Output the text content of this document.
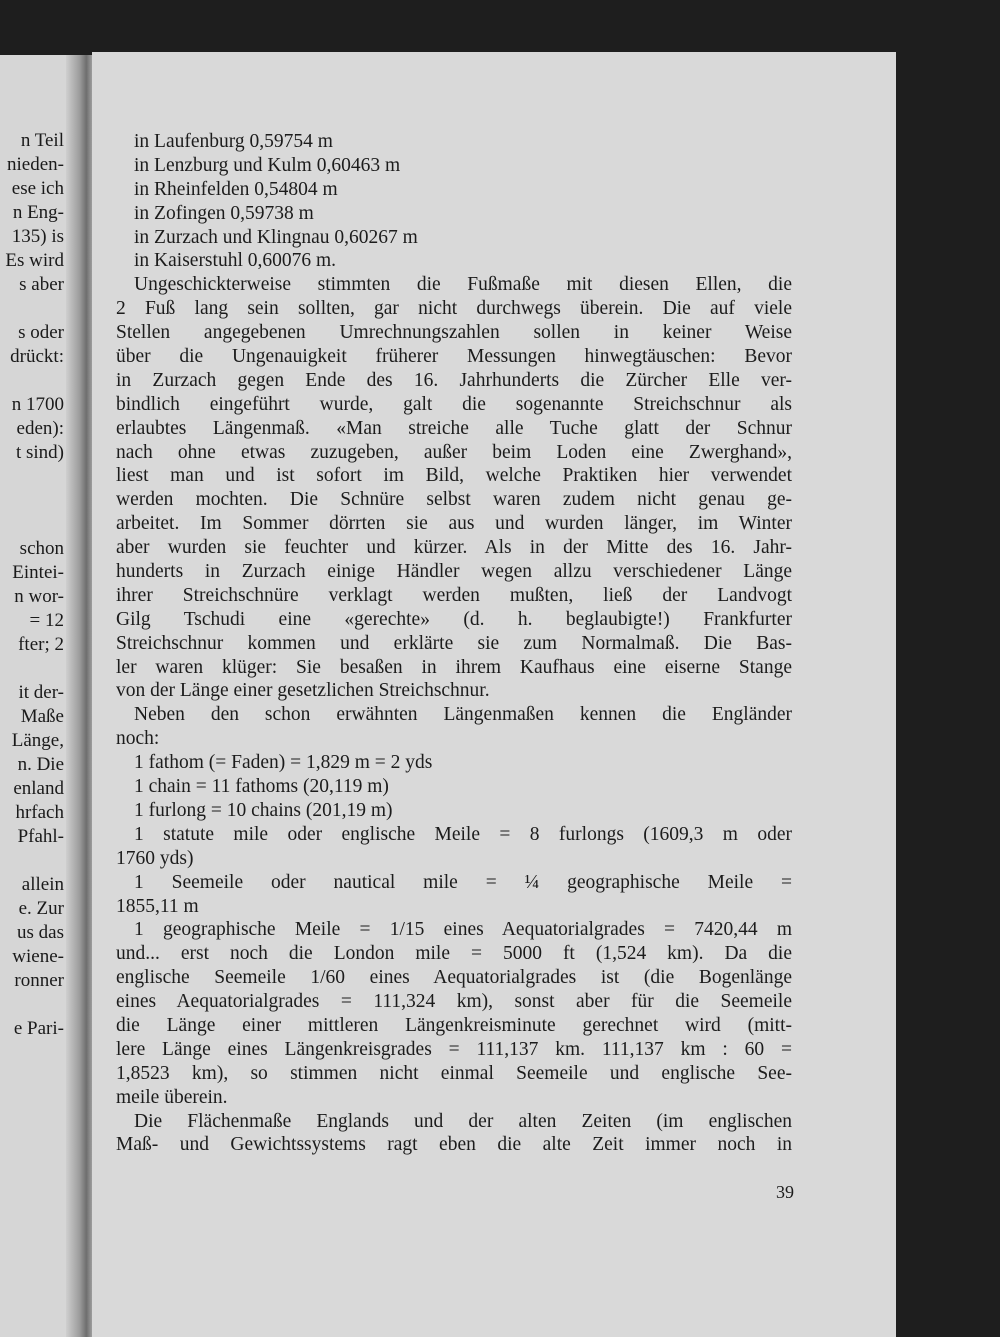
n Teil
nieden-
ese ich
n Eng-
135) is
Es wird
s aber
s oder
drückt:
n 1700
eden):
t sind)
schon
Eintei-
n wor-
= 12
fter; 2
it der-
Maße
Länge,
n. Die
enland
hrfach
Pfahl-
allein
e. Zur
us das
wiene-
ronner
e Pari-
in Laufenburg 0,59754 m
in Lenzburg und Kulm 0,60463 m
in Rheinfelden 0,54804 m
in Zofingen 0,59738 m
in Zurzach und Klingnau 0,60267 m
in Kaiserstuhl 0,60076 m.
Ungeschickterweise stimmten die Fußmaße mit diesen Ellen, die
2 Fuß lang sein sollten, gar nicht durchwegs überein. Die auf viele
Stellen angegebenen Umrechnungszahlen sollen in keiner Weise
über die Ungenauigkeit früherer Messungen hinwegtäuschen: Bevor
in Zurzach gegen Ende des 16. Jahrhunderts die Zürcher Elle ver-
bindlich eingeführt wurde, galt die sogenannte Streichschnur als
erlaubtes Längenmaß. «Man streiche alle Tuche glatt der Schnur
nach ohne etwas zuzugeben, außer beim Loden eine Zwerghand»,
liest man und ist sofort im Bild, welche Praktiken hier verwendet
werden mochten. Die Schnüre selbst waren zudem nicht genau ge-
arbeitet. Im Sommer dörrten sie aus und wurden länger, im Winter
aber wurden sie feuchter und kürzer. Als in der Mitte des 16. Jahr-
hunderts in Zurzach einige Händler wegen allzu verschiedener Länge
ihrer Streichschnüre verklagt werden mußten, ließ der Landvogt
Gilg Tschudi eine «gerechte» (d. h. beglaubigte!) Frankfurter
Streichschnur kommen und erklärte sie zum Normalmaß. Die Bas-
ler waren klüger: Sie besaßen in ihrem Kaufhaus eine eiserne Stange
von der Länge einer gesetzlichen Streichschnur.
Neben den schon erwähnten Längenmaßen kennen die Engländer
noch:
1 fathom (= Faden) = 1,829 m = 2 yds
1 chain = 11 fathoms (20,119 m)
1 furlong = 10 chains (201,19 m)
1 statute mile oder englische Meile = 8 furlongs (1609,3 m oder
1760 yds)
1 Seemeile oder nautical mile = ¼ geographische Meile =
1855,11 m
1 geographische Meile = 1/15 eines Aequatorialgrades = 7420,44 m
und... erst noch die London mile = 5000 ft (1,524 km). Da die
englische Seemeile 1/60 eines Aequatorialgrades ist (die Bogenlänge
eines Aequatorialgrades = 111,324 km), sonst aber für die Seemeile
die Länge einer mittleren Längenkreisminute gerechnet wird (mitt-
lere Länge eines Längenkreisgrades = 111,137 km. 111,137 km : 60 =
1,8523 km), so stimmen nicht einmal Seemeile und englische See-
meile überein.
Die Flächenmaße Englands und der alten Zeiten (im englischen
Maß- und Gewichtssystems ragt eben die alte Zeit immer noch in
39
